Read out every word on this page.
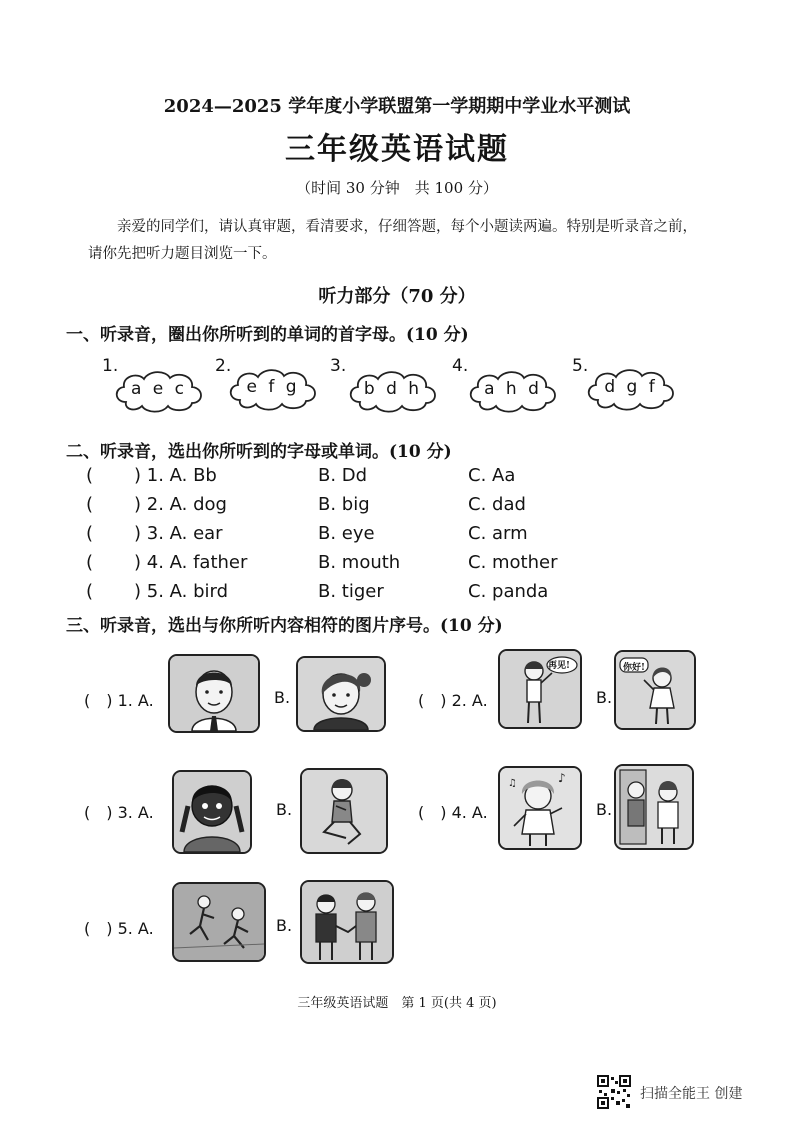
2024—2025 学年度小学联盟第一学期期中学业水平测试
三年级英语试题
（时间 30 分钟　共 100 分）
亲爱的同学们，请认真审题，看清要求，仔细答题，每个小题读两遍。特别是听录音之前，请你先把听力题目浏览一下。
听力部分（70 分）
一、听录音，圈出你所听到的单词的首字母。(10 分)
1.
a e c
2.
e f g
3.
b d h
4.
a h d
5.
d g f
二、听录音，选出你所听到的字母或单词。(10 分)
( ) 1. A. Bb	B. Dd	C. Aa
( ) 2. A. dog	B. big	C. dad
( ) 3. A. ear	B. eye	C. arm
( ) 4. A. father	B. mouth	C. mother
( ) 5. A. bird	B. tiger	C. panda
三、听录音，选出与你所听内容相符的图片序号。(10 分)
(　) 1. A.	B.	(　) 2. A.
再见!
B.
你好!
(　) 3. A.	B.	(　) 4. A.
♪
♫
B.
(　) 5. A.	B.
三年级英语试题　第 1 页(共 4 页)
扫描全能王 创建
